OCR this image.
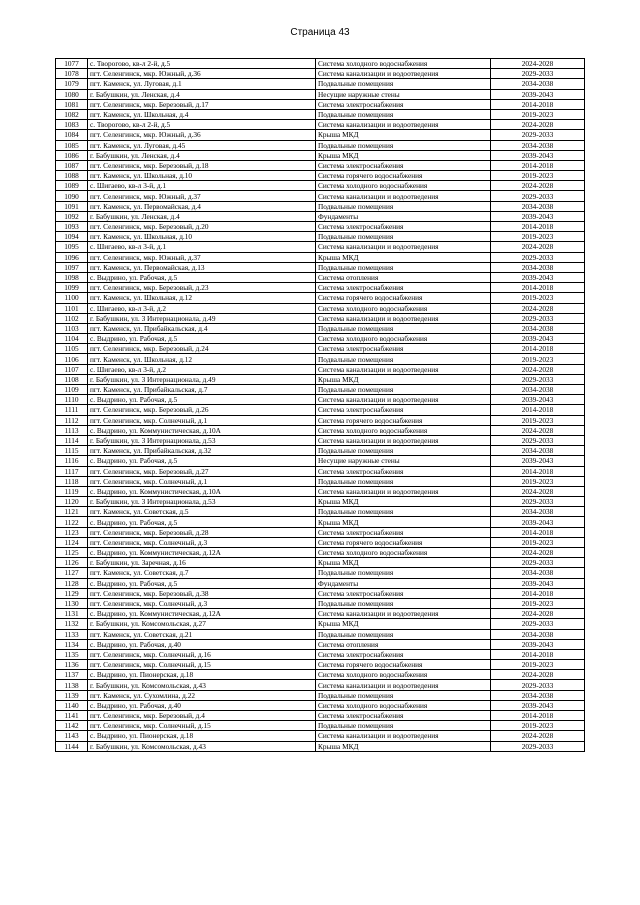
Страница 43
1077	с. Творогово, кв-л 2-й, д.5	Система холодного водоснабжения	2024-2028
1078	пгт. Селенгинск, мкр. Южный, д.36	Система канализации и водоотведения	2029-2033
1079	пгт. Каменск, ул. Луговая, д.1	Подвальные помещения	2034-2038
1080	г. Бабушкин, ул. Ленская, д.4	Несущие наружные стены	2039-2043
1081	пгт. Селенгинск, мкр. Березовый, д.17	Система электроснабжения	2014-2018
1082	пгт. Каменск, ул. Школьная, д.4	Подвальные помещения	2019-2023
1083	с. Творогово, кв-л 2-й, д.5	Система канализации и водоотведения	2024-2028
1084	пгт. Селенгинск, мкр. Южный, д.36	Крыша МКД	2029-2033
1085	пгт. Каменск, ул. Луговая, д.45	Подвальные помещения	2034-2038
1086	г. Бабушкин, ул. Ленская, д.4	Крыша МКД	2039-2043
1087	пгт. Селенгинск, мкр. Березовый, д.18	Система электроснабжения	2014-2018
1088	пгт. Каменск, ул. Школьная, д.10	Система горячего водоснабжения	2019-2023
1089	с. Шигаево, кв-л 3-й, д.1	Система холодного водоснабжения	2024-2028
1090	пгт. Селенгинск, мкр. Южный, д.37	Система канализации и водоотведения	2029-2033
1091	пгт. Каменск, ул. Первомайская, д.4	Подвальные помещения	2034-2038
1092	г. Бабушкин, ул. Ленская, д.4	Фундаменты	2039-2043
1093	пгт. Селенгинск, мкр. Березовый, д.20	Система электроснабжения	2014-2018
1094	пгт. Каменск, ул. Школьная, д.10	Подвальные помещения	2019-2023
1095	с. Шигаево, кв-л 3-й, д.1	Система канализации и водоотведения	2024-2028
1096	пгт. Селенгинск, мкр. Южный, д.37	Крыша МКД	2029-2033
1097	пгт. Каменск, ул. Первомайская, д.13	Подвальные помещения	2034-2038
1098	с. Выдрино, ул. Рабочая, д.5	Система отопления	2039-2043
1099	пгт. Селенгинск, мкр. Березовый, д.23	Система электроснабжения	2014-2018
1100	пгт. Каменск, ул. Школьная, д.12	Система горячего водоснабжения	2019-2023
1101	с. Шигаево, кв-л 3-й, д.2	Система холодного водоснабжения	2024-2028
1102	г. Бабушкин, ул. 3 Интернационала, д.49	Система канализации и водоотведения	2029-2033
1103	пгт. Каменск, ул. Прибайкальская, д.4	Подвальные помещения	2034-2038
1104	с. Выдрино, ул. Рабочая, д.5	Система холодного водоснабжения	2039-2043
1105	пгт. Селенгинск, мкр. Березовый, д.24	Система электроснабжения	2014-2018
1106	пгт. Каменск, ул. Школьная, д.12	Подвальные помещения	2019-2023
1107	с. Шигаево, кв-л 3-й, д.2	Система канализации и водоотведения	2024-2028
1108	г. Бабушкин, ул. 3 Интернационала, д.49	Крыша МКД	2029-2033
1109	пгт. Каменск, ул. Прибайкальская, д.7	Подвальные помещения	2034-2038
1110	с. Выдрино, ул. Рабочая, д.5	Система канализации и водоотведения	2039-2043
1111	пгт. Селенгинск, мкр. Березовый, д.26	Система электроснабжения	2014-2018
1112	пгт. Селенгинск, мкр. Солнечный, д.1	Система горячего водоснабжения	2019-2023
1113	с. Выдрино, ул. Коммунистическая, д.10А	Система холодного водоснабжения	2024-2028
1114	г. Бабушкин, ул. 3 Интернационала, д.53	Система канализации и водоотведения	2029-2033
1115	пгт. Каменск, ул. Прибайкальская, д.32	Подвальные помещения	2034-2038
1116	с. Выдрино, ул. Рабочая, д.5	Несущие наружные стены	2039-2043
1117	пгт. Селенгинск, мкр. Березовый, д.27	Система электроснабжения	2014-2018
1118	пгт. Селенгинск, мкр. Солнечный, д.1	Подвальные помещения	2019-2023
1119	с. Выдрино, ул. Коммунистическая, д.10А	Система канализации и водоотведения	2024-2028
1120	г. Бабушкин, ул. 3 Интернационала, д.53	Крыша МКД	2029-2033
1121	пгт. Каменск, ул. Советская, д.5	Подвальные помещения	2034-2038
1122	с. Выдрино, ул. Рабочая, д.5	Крыша МКД	2039-2043
1123	пгт. Селенгинск, мкр. Березовый, д.28	Система электроснабжения	2014-2018
1124	пгт. Селенгинск, мкр. Солнечный, д.3	Система горячего водоснабжения	2019-2023
1125	с. Выдрино, ул. Коммунистическая, д.12А	Система холодного водоснабжения	2024-2028
1126	г. Бабушкин, ул. Заречная, д.16	Крыша МКД	2029-2033
1127	пгт. Каменск, ул. Советская, д.7	Подвальные помещения	2034-2038
1128	с. Выдрино, ул. Рабочая, д.5	Фундаменты	2039-2043
1129	пгт. Селенгинск, мкр. Березовый, д.38	Система электроснабжения	2014-2018
1130	пгт. Селенгинск, мкр. Солнечный, д.3	Подвальные помещения	2019-2023
1131	с. Выдрино, ул. Коммунистическая, д.12А	Система канализации и водоотведения	2024-2028
1132	г. Бабушкин, ул. Комсомольская, д.27	Крыша МКД	2029-2033
1133	пгт. Каменск, ул. Советская, д.21	Подвальные помещения	2034-2038
1134	с. Выдрино, ул. Рабочая, д.40	Система отопления	2039-2043
1135	пгт. Селенгинск, мкр. Солнечный, д.16	Система электроснабжения	2014-2018
1136	пгт. Селенгинск, мкр. Солнечный, д.15	Система горячего водоснабжения	2019-2023
1137	с. Выдрино, ул. Пионерская, д.18	Система холодного водоснабжения	2024-2028
1138	г. Бабушкин, ул. Комсомольская, д.43	Система канализации и водоотведения	2029-2033
1139	пгт. Каменск, ул. Сухомлина, д.22	Подвальные помещения	2034-2038
1140	с. Выдрино, ул. Рабочая, д.40	Система холодного водоснабжения	2039-2043
1141	пгт. Селенгинск, мкр. Березовый, д.4	Система электроснабжения	2014-2018
1142	пгт. Селенгинск, мкр. Солнечный, д.15	Подвальные помещения	2019-2023
1143	с. Выдрино, ул. Пионерская, д.18	Система канализации и водоотведения	2024-2028
1144	г. Бабушкин, ул. Комсомольская, д.43	Крыша МКД	2029-2033
